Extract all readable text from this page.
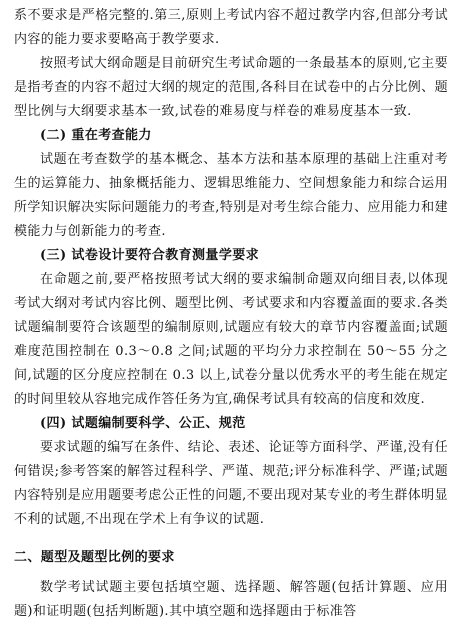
系不要求是严格完整的.第三,原则上考试内容不超过教学内容,但部分考试内容的能力要求要略高于教学要求.

按照考试大纲命题是目前研究生考试命题的一条最基本的原则,它主要是指考查的内容不超过大纲的规定的范围,各科目在试卷中的占分比例、题型比例与大纲要求基本一致,试卷的难易度与样卷的难易度基本一致.

(二) 重在考查能力

试题在考查数学的基本概念、基本方法和基本原理的基础上注重对考生的运算能力、抽象概括能力、逻辑思维能力、空间想象能力和综合运用所学知识解决实际问题能力的考查,特别是对考生综合能力、应用能力和建模能力与创新能力的考查.

(三) 试卷设计要符合教育测量学要求

在命题之前,要严格按照考试大纲的要求编制命题双向细目表,以体现考试大纲对考试内容比例、题型比例、考试要求和内容覆盖面的要求.各类试题编制要符合该题型的编制原则,试题应有较大的章节内容覆盖面;试题难度范围控制在 0.3～0.8 之间;试题的平均分力求控制在 50～55 分之间,试题的区分度应控制在 0.3 以上,试卷分量以优秀水平的考生能在规定的时间里较从容地完成作答任务为宜,确保考试具有较高的信度和效度.

(四) 试题编制要科学、公正、规范

要求试题的编写在条件、结论、表述、论证等方面科学、严谨,没有任何错误;参考答案的解答过程科学、严谨、规范;评分标准科学、严谨;试题内容特别是应用题要考虑公正性的问题,不要出现对某专业的考生群体明显不利的试题,不出现在学术上有争议的试题.

二、题型及题型比例的要求

数学考试试题主要包括填空题、选择题、解答题(包括计算题、应用题)和证明题(包括判断题).其中填空题和选择题由于标准答
